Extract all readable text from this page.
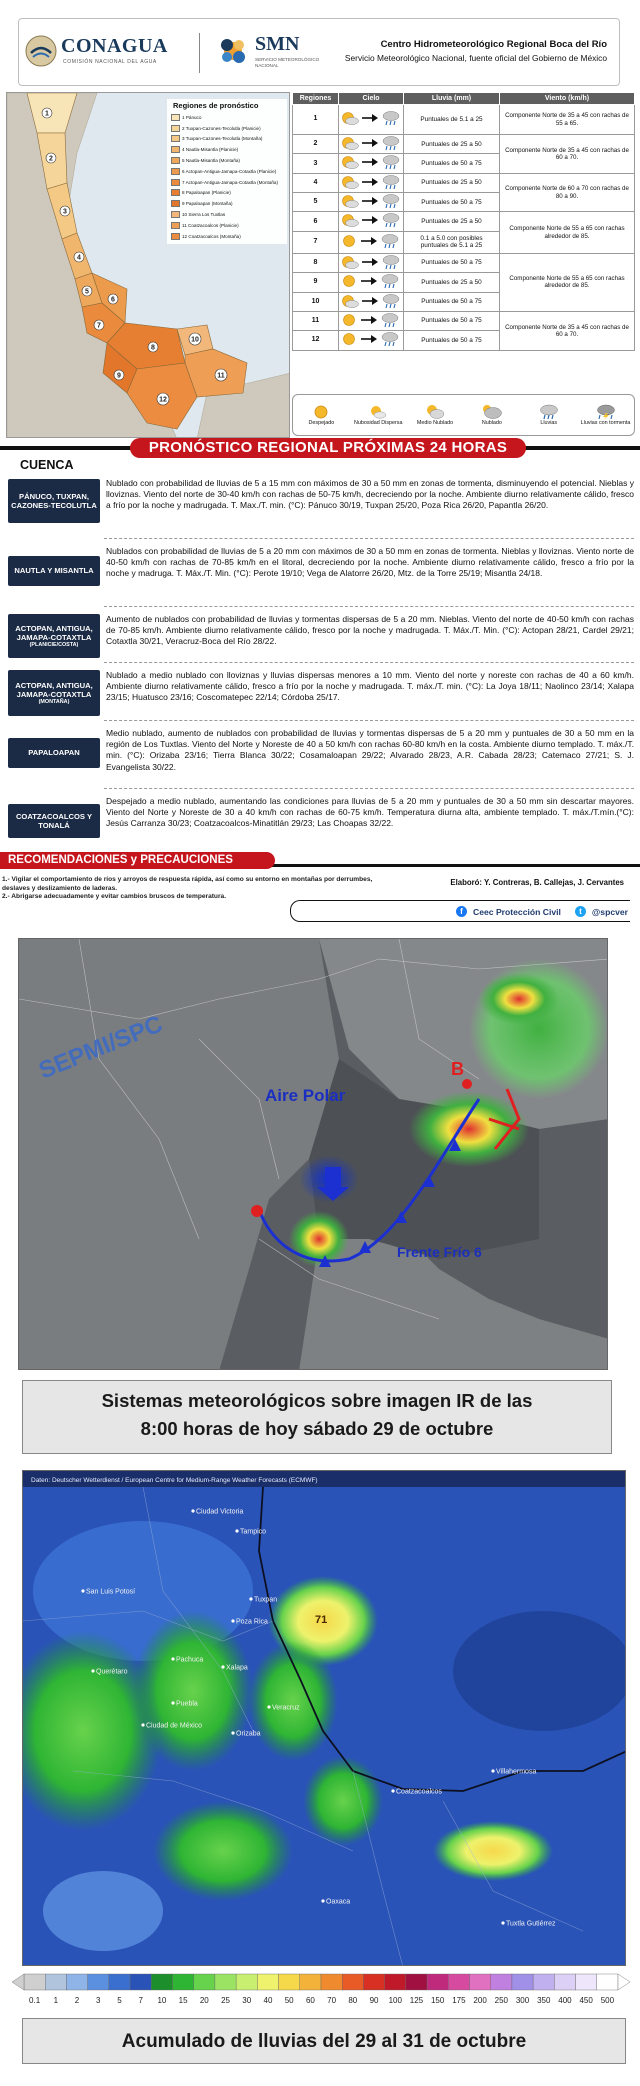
CONAGUA
COMISIÓN NACIONAL DEL AGUA
SMN
SERVICIO METEOROLÓGICO NACIONAL
Centro Hidrometeorológico Regional Boca del Río
Servicio Meteorológico Nacional, fuente oficial del Gobierno de México
1
2
3
4
5
6
7
8
9
10
11
12
Regiones de pronóstico
1 Pánuco
2 Tuxpan-Cazones-Tecolutla (Planicie)
3 Tuxpan-Cazones-Tecolutla (Montaña)
4 Nautla-Misantla (Planicie)
5 Nautla-Misantla (Montaña)
6 Actopan-Antigua-Jamapa-Cotaxtla (Planicie)
7 Actopan-Antigua-Jamapa-Cotaxtla (Montaña)
8 Papaloapan (Planicie)
9 Papaloapan (Montaña)
10 Sierra Los Tuxtlas
11 Coatzacoalcos (Planicie)
12 Coatzacoalcos (Montaña)
Regiones	Cielo	Lluvia (mm)	Viento (km/h)
1		Puntuales de 5.1 a 25	Componente Norte de 35 a 45 con rachas de 55 a 65.
2		Puntuales de 25 a 50	Componente Norte de 35 a 45 con rachas de 60 a 70.
3		Puntuales de 50 a 75	
4		Puntuales de 25 a 50	Componente Norte de 60 a 70 con rachas de 80 a 90.
5		Puntuales de 50 a 75	
6		Puntuales de 25 a 50	Componente Norte de 55 a 65 con rachas alrededor de 85.
7		0.1 a 5.0 con posibles puntuales de 5.1 a 25	
8		Puntuales de 50 a 75	Componente Norte de 55 a 65 con rachas alrededor de 85.
9		Puntuales de 25 a 50	
10		Puntuales de 50 a 75	
11		Puntuales de 50 a 75	Componente Norte de 35 a 45 con rachas de 60 a 70.
12		Puntuales de 50 a 75	
Despejado	Nubosidad Dispersa	Medio Nublado	Nublado	Lluvias	Lluvias con tormenta
PRONÓSTICO REGIONAL PRÓXIMAS 24 HORAS
CUENCA
PÁNUCO, TUXPAN, CAZONES-TECOLUTLA
Nublado con probabilidad de lluvias de 5 a 15 mm con máximos de 30 a 50 mm en zonas de tormenta, disminuyendo el potencial. Nieblas y lloviznas. Viento del norte de 30-40 km/h con rachas de 50-75 km/h, decreciendo por la noche. Ambiente diurno relativamente cálido, fresco a frío por la noche y madrugada. T. Max./T. min. (°C): Pánuco 30/19, Tuxpan 25/20, Poza Rica 26/20, Papantla 26/20.
NAUTLA Y MISANTLA
Nublados con probabilidad de lluvias de 5 a 20 mm con máximos de 30 a 50 mm en zonas de tormenta. Nieblas y lloviznas. Viento norte de 40-50 km/h con rachas de 70-85 km/h en el litoral, decreciendo por la noche. Ambiente diurno relativamente cálido, fresco a frío por la noche y madruga. T. Máx./T. Min. (°C): Perote 19/10; Vega de Alatorre 26/20, Mtz. de la Torre 25/19; Misantla 24/18.
ACTOPAN, ANTIGUA, JAMAPA-COTAXTLA
(PLANICIE/COSTA)
Aumento de nublados con probabilidad de lluvias y tormentas dispersas de 5 a 20 mm. Nieblas. Viento del norte de 40-50 km/h con rachas de 70-85 km/h. Ambiente diurno relativamente cálido, fresco por la noche y madrugada. T. Máx./T. Min. (°C): Actopan 28/21, Cardel 29/21; Cotaxtla 30/21, Veracruz-Boca del Río 28/22.
ACTOPAN, ANTIGUA, JAMAPA-COTAXTLA
(MONTAÑA)
Nublado a medio nublado con lloviznas y lluvias dispersas menores a 10 mm. Viento del norte y noreste con rachas de 40 a 60 km/h. Ambiente diurno relativamente cálido, fresco a frío por la noche y madrugada. T. máx./T. min. (°C): La Joya 18/11; Naolinco 23/14; Xalapa 23/15; Huatusco 23/16; Coscomatepec 22/14; Córdoba 25/17.
PAPALOAPAN
Medio nublado, aumento de nublados con probabilidad de lluvias y tormentas dispersas de 5 a 20 mm y puntuales de 30 a 50 mm en la región de Los Tuxtlas. Viento del Norte y Noreste de 40 a 50 km/h con rachas 60-80 km/h en la costa. Ambiente diurno templado. T. máx./T. min. (°C): Orizaba 23/16; Tierra Blanca 30/22; Cosamaloapan 29/22; Alvarado 28/23, A.R. Cabada 28/23; Catemaco 27/21; S. J. Evangelista 30/22.
COATZACOALCOS Y TONALÁ
Despejado a medio nublado, aumentando las condiciones para lluvias de 5 a 20 mm y puntuales de 30 a 50 mm sin descartar mayores. Viento del Norte y Noreste de 30 a 40 km/h con rachas de 60-75 km/h. Temperatura diurna alta, ambiente templado. T. máx./T.mín.(°C): Jesús Carranza 30/23; Coatzacoalcos-Minatitlán 29/23; Las Choapas 32/22.
RECOMENDACIONES y PRECAUCIONES
1.- Vigilar el comportamiento de ríos y arroyos de respuesta rápida, así como su entorno en montañas por derrumbes, deslaves y deslizamiento de laderas.
2.- Abrigarse adecuadamente y evitar cambios bruscos de temperatura.
Elaboró: Y. Contreras, B. Callejas, J. Cervantes
f	Ceec Protección Civil	t	@spcver
SEPMI/SPC
Aire Polar
Frente Frío 6
B
Sistemas meteorológicos sobre imagen IR de las
8:00 horas de hoy sábado 29 de octubre
Daten: Deutscher Wetterdienst / European Centre for Medium-Range Weather Forecasts (ECMWF)
Tampico
Tuxpan
Poza Rica
Xalapa
Veracruz
Puebla
Orizaba
Coatzacoalcos
Villahermosa
Oaxaca
Tuxtla Gutiérrez
Querétaro
Ciudad de México
Pachuca
Ciudad Victoria
San Luis Potosí
71
0.1 1 2 3 5 7 10 15 20 25 30 40 50 60 70 80 90 100 125 150 175 200 250 300 350 400 450 500
Acumulado de lluvias del 29 al 31 de octubre
